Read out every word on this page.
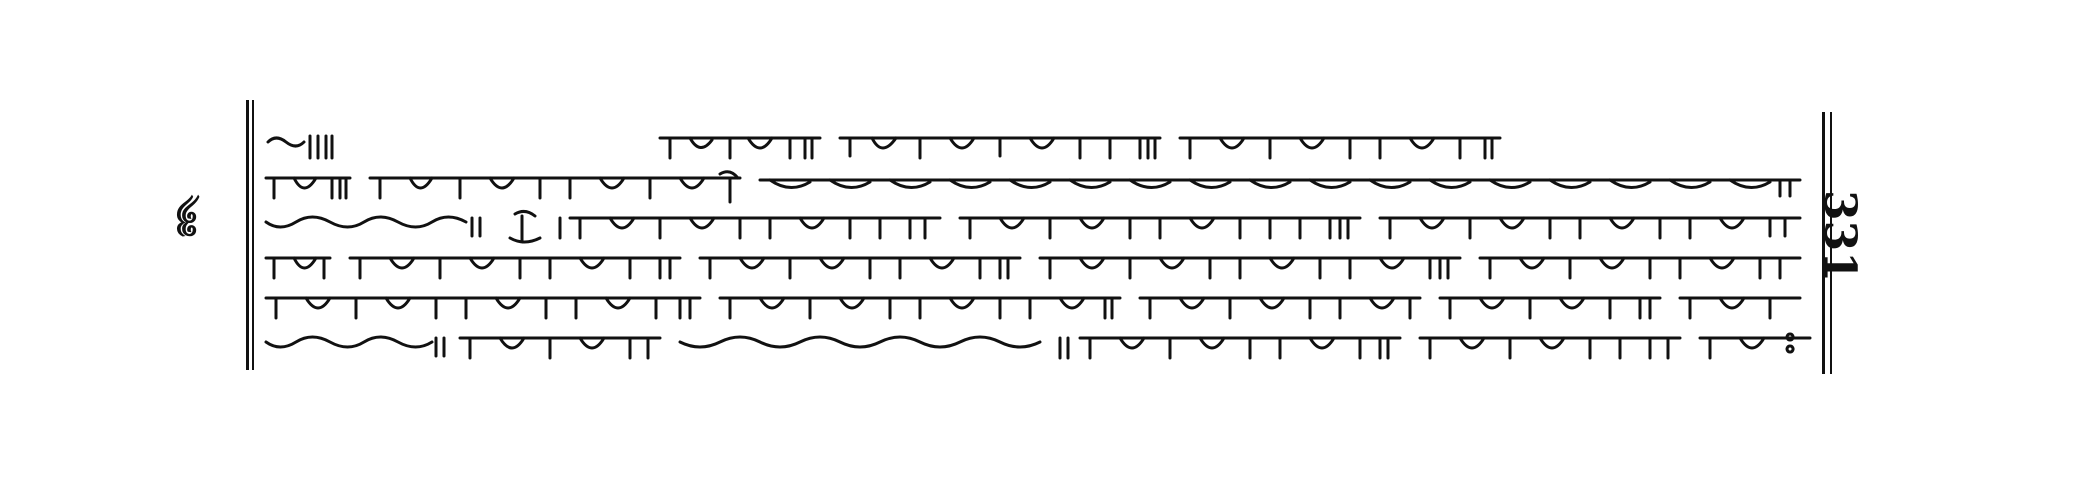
༄༅	331
